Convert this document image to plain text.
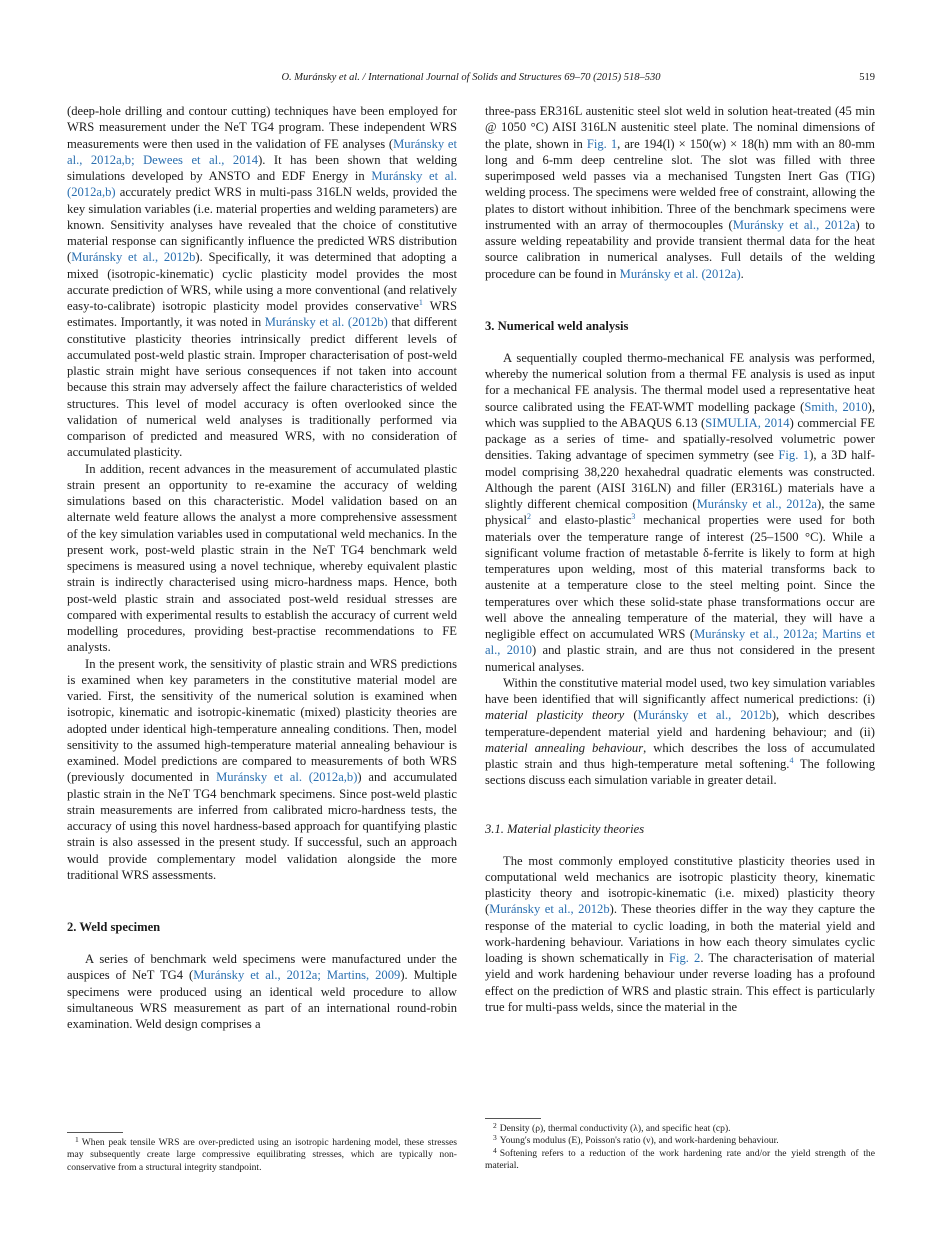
O. Muránsky et al. / International Journal of Solids and Structures 69–70 (2015) 518–530	519

(deep-hole drilling and contour cutting) techniques have been employed for WRS measurement under the NeT TG4 program. These independent WRS measurements were then used in the validation of FE analyses (Muránsky et al., 2012a,b; Dewees et al., 2014). It has been shown that welding simulations developed by ANSTO and EDF Energy in Muránsky et al. (2012a,b) accurately predict WRS in multi-pass 316LN welds, provided the key simulation variables (i.e. material properties and welding parameters) are known. Sensitivity analyses have revealed that the choice of constitutive material response can significantly influence the predicted WRS distribution (Muránsky et al., 2012b). Specifically, it was determined that adopting a mixed (isotropic-kinematic) cyclic plasticity model provides the most accurate prediction of WRS, while using a more conventional (and relatively easy-to-calibrate) isotropic plasticity model provides conservative$^1$ WRS estimates. Importantly, it was noted in Muránsky et al. (2012b) that different constitutive plasticity theories intrinsically predict different levels of accumulated post-weld plastic strain. Improper characterisation of post-weld plastic strain might have serious consequences if not taken into account because this strain may adversely affect the failure characteristics of welded structures. This level of model accuracy is often overlooked since the validation of numerical weld analyses is traditionally performed via comparison of predicted and measured WRS, with no consideration of accumulated plasticity.

In addition, recent advances in the measurement of accumulated plastic strain present an opportunity to re-examine the accuracy of welding simulations based on this characteristic. Model validation based on an alternate weld feature allows the analyst a more comprehensive assessment of the key simulation variables used in computational weld mechanics. In the present work, post-weld plastic strain in the NeT TG4 benchmark weld specimens is measured using a novel technique, whereby equivalent plastic strain is indirectly characterised using micro-hardness maps. Hence, both post-weld plastic strain and associated post-weld residual stresses are compared with experimental results to establish the accuracy of current weld modelling procedures, providing best-practise recommendations to FE analysts.

In the present work, the sensitivity of plastic strain and WRS predictions is examined when key parameters in the constitutive material model are varied. First, the sensitivity of the numerical solution is examined when isotropic, kinematic and isotropic-kinematic (mixed) plasticity theories are adopted under identical high-temperature annealing conditions. Then, model sensitivity to the assumed high-temperature material annealing behaviour is examined. Model predictions are compared to measurements of both WRS (previously documented in Muránsky et al. (2012a,b)) and accumulated plastic strain in the NeT TG4 benchmark specimens. Since post-weld plastic strain measurements are inferred from calibrated micro-hardness tests, the accuracy of using this novel hardness-based approach for quantifying plastic strain is also assessed in the present study. If successful, such an approach would provide complementary model validation alongside the more traditional WRS assessments.

2. Weld specimen

A series of benchmark weld specimens were manufactured under the auspices of NeT TG4 (Muránsky et al., 2012a; Martins, 2009). Multiple specimens were produced using an identical weld procedure to allow simultaneous WRS measurement as part of an international round-robin examination. Weld design comprises a

three-pass ER316L austenitic steel slot weld in solution heat-treated (45 min @ 1050 °C) AISI 316LN austenitic steel plate. The nominal dimensions of the plate, shown in Fig. 1, are 194(l) × 150(w) × 18(h) mm with an 80-mm long and 6-mm deep centreline slot. The slot was filled with three superimposed weld passes via a mechanised Tungsten Inert Gas (TIG) welding process. The specimens were welded free of constraint, allowing the plates to distort without inhibition. Three of the benchmark specimens were instrumented with an array of thermocouples (Muránsky et al., 2012a) to assure welding repeatability and provide transient thermal data for the heat source calibration in numerical analyses. Full details of the welding procedure can be found in Muránsky et al. (2012a).

3. Numerical weld analysis

A sequentially coupled thermo-mechanical FE analysis was performed, whereby the numerical solution from a thermal FE analysis is used as input for a mechanical FE analysis. The thermal model used a representative heat source calibrated using the FEAT-WMT modelling package (Smith, 2010), which was supplied to the ABAQUS 6.13 (SIMULIA, 2014) commercial FE package as a series of time- and spatially-resolved volumetric power densities. Taking advantage of specimen symmetry (see Fig. 1), a 3D half-model comprising 38,220 hexahedral quadratic elements was constructed. Although the parent (AISI 316LN) and filler (ER316L) materials have a slightly different chemical composition (Muránsky et al., 2012a), the same physical$^2$ and elasto-plastic$^3$ mechanical properties were used for both materials over the temperature range of interest (25–1500 °C). While a significant volume fraction of metastable δ-ferrite is likely to form at high temperatures upon welding, most of this material transforms back to austenite at a temperature close to the steel melting point. Since the temperatures over which these solid-state phase transformations occur are well above the annealing temperature of the material, they will have a negligible effect on accumulated WRS (Muránsky et al., 2012a; Martins et al., 2010) and plastic strain, and are thus not considered in the present numerical analyses.

Within the constitutive material model used, two key simulation variables have been identified that will significantly affect numerical predictions: (i) material plasticity theory (Muránsky et al., 2012b), which describes temperature-dependent material yield and hardening behaviour; and (ii) material annealing behaviour, which describes the loss of accumulated plastic strain and thus high-temperature metal softening.$^4$ The following sections discuss each simulation variable in greater detail.

3.1. Material plasticity theories

The most commonly employed constitutive plasticity theories used in computational weld mechanics are isotropic plasticity theory, kinematic plasticity theory and isotropic-kinematic (i.e. mixed) plasticity theory (Muránsky et al., 2012b). These theories differ in the way they capture the response of the material to cyclic loading, in both the material yield and work-hardening behaviour. Variations in how each theory simulates cyclic loading is shown schematically in Fig. 2. The characterisation of material yield and work hardening behaviour under reverse loading has a profound effect on the prediction of WRS and plastic strain. This effect is particularly true for multi-pass welds, since the material in the

$^1$ When peak tensile WRS are over-predicted using an isotropic hardening model, these stresses may subsequently create large compressive equilibrating stresses, which are typically non-conservative from a structural integrity standpoint.

$^2$ Density (ρ), thermal conductivity (λ), and specific heat (cp).

$^3$ Young's modulus (E), Poisson's ratio (ν), and work-hardening behaviour.

$^4$ Softening refers to a reduction of the work hardening rate and/or the yield strength of the material.
